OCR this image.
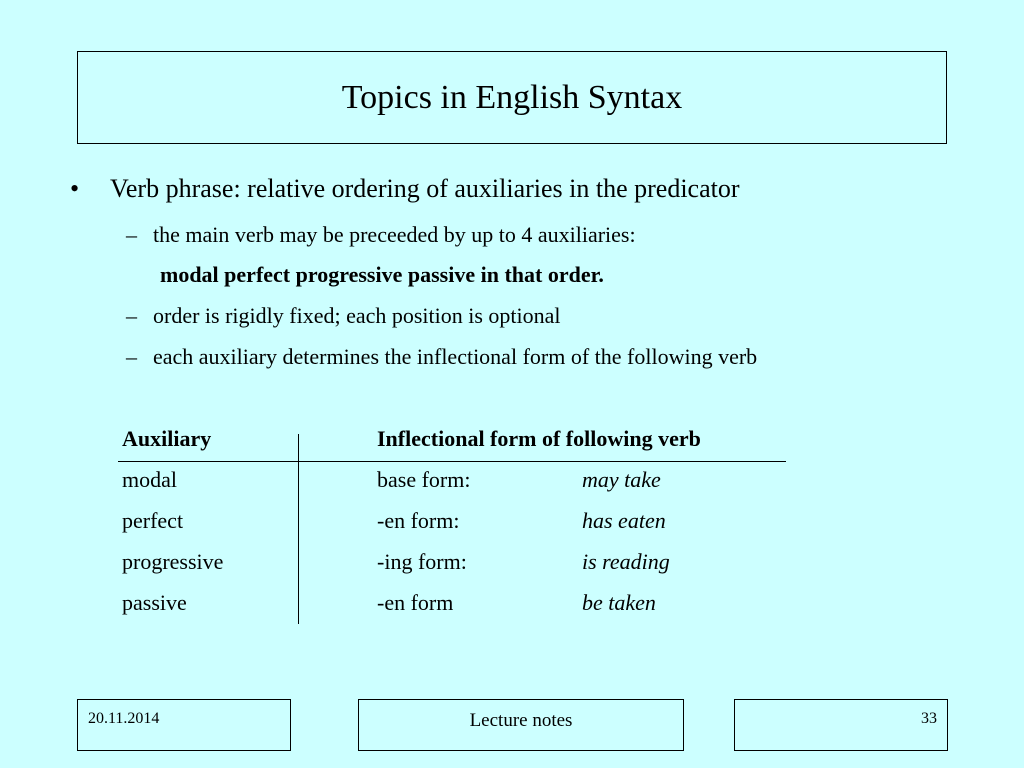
Topics in English Syntax
• Verb phrase: relative ordering of auxiliaries in the predicator
– the main verb may be preceeded by up to 4 auxiliaries:
modal perfect progressive passive in that order.
– order is rigidly fixed; each position is optional
– each auxiliary determines the inflectional form of the following verb
Auxiliary	Inflectional form of following verb
modal	base form:	may take
perfect	-en form:	has eaten
progressive	-ing form:	is reading
passive	-en form	be taken
20.11.2014	Lecture notes	33
